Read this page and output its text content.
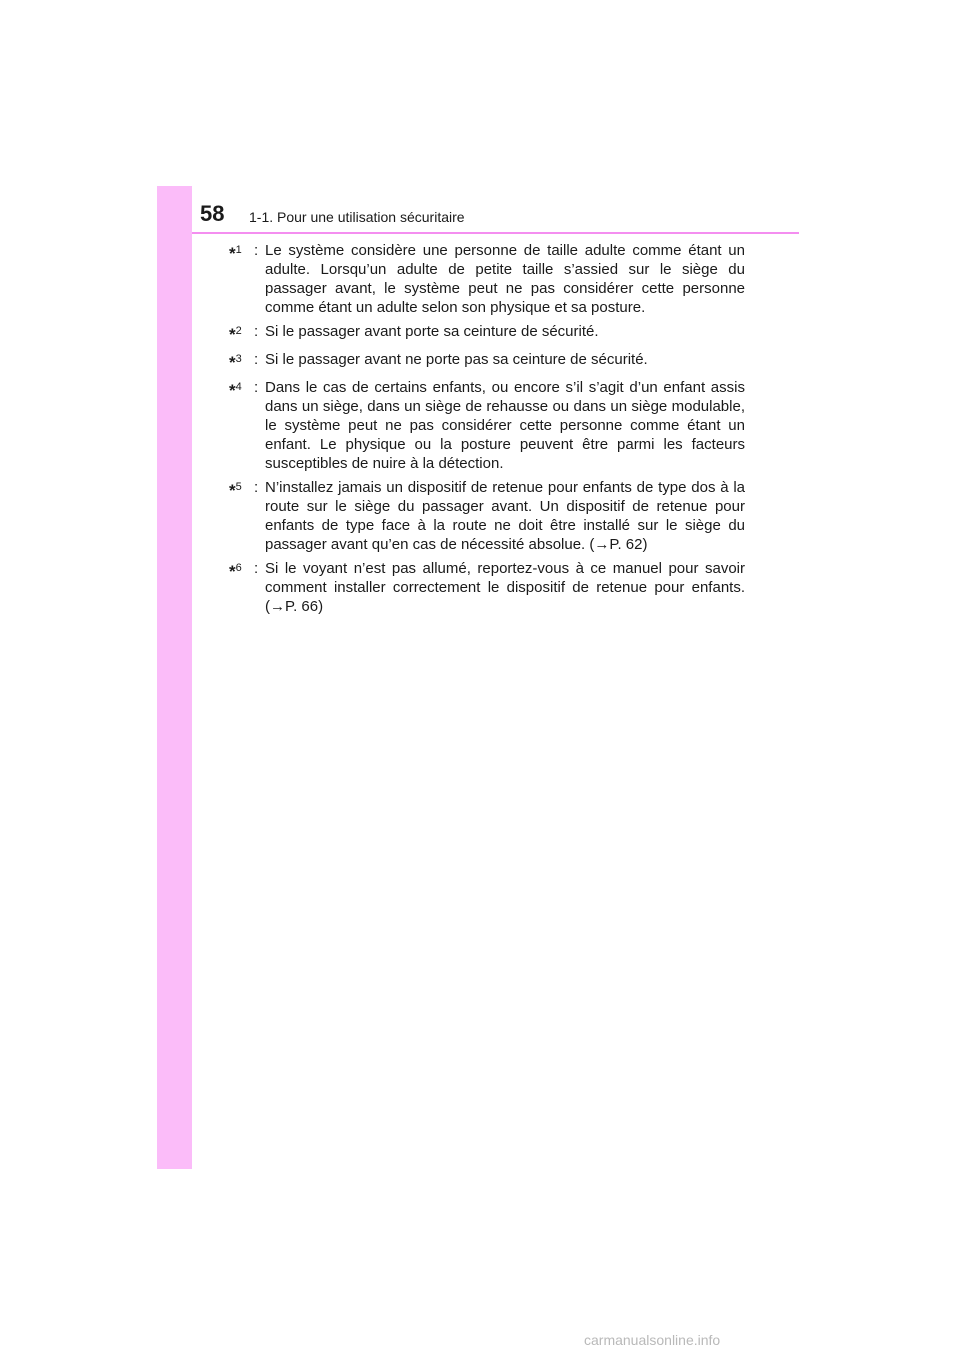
58 1-1. Pour une utilisation sécuritaire
*$^1$ : Le système considère une personne de taille adulte comme étant un adulte. Lorsqu’un adulte de petite taille s’assied sur le siège du passager avant, le système peut ne pas considérer cette personne comme étant un adulte selon son physique et sa posture.
*$^2$ : Si le passager avant porte sa ceinture de sécurité.
*$^3$ : Si le passager avant ne porte pas sa ceinture de sécurité.
*$^4$ : Dans le cas de certains enfants, ou encore s’il s’agit d’un enfant assis dans un siège, dans un siège de rehausse ou dans un siège modulable, le système peut ne pas considérer cette personne comme étant un enfant. Le physique ou la posture peuvent être parmi les facteurs susceptibles de nuire à la détection.
*$^5$ : N’installez jamais un dispositif de retenue pour enfants de type dos à la route sur le siège du passager avant. Un dispositif de retenue pour enfants de type face à la route ne doit être installé sur le siège du passager avant qu’en cas de nécessité absolue. (→P. 62)
*$^6$ : Si le voyant n’est pas allumé, reportez-vous à ce manuel pour savoir comment installer correctement le dispositif de retenue pour enfants. (→P. 66)
carmanualsonline.info
